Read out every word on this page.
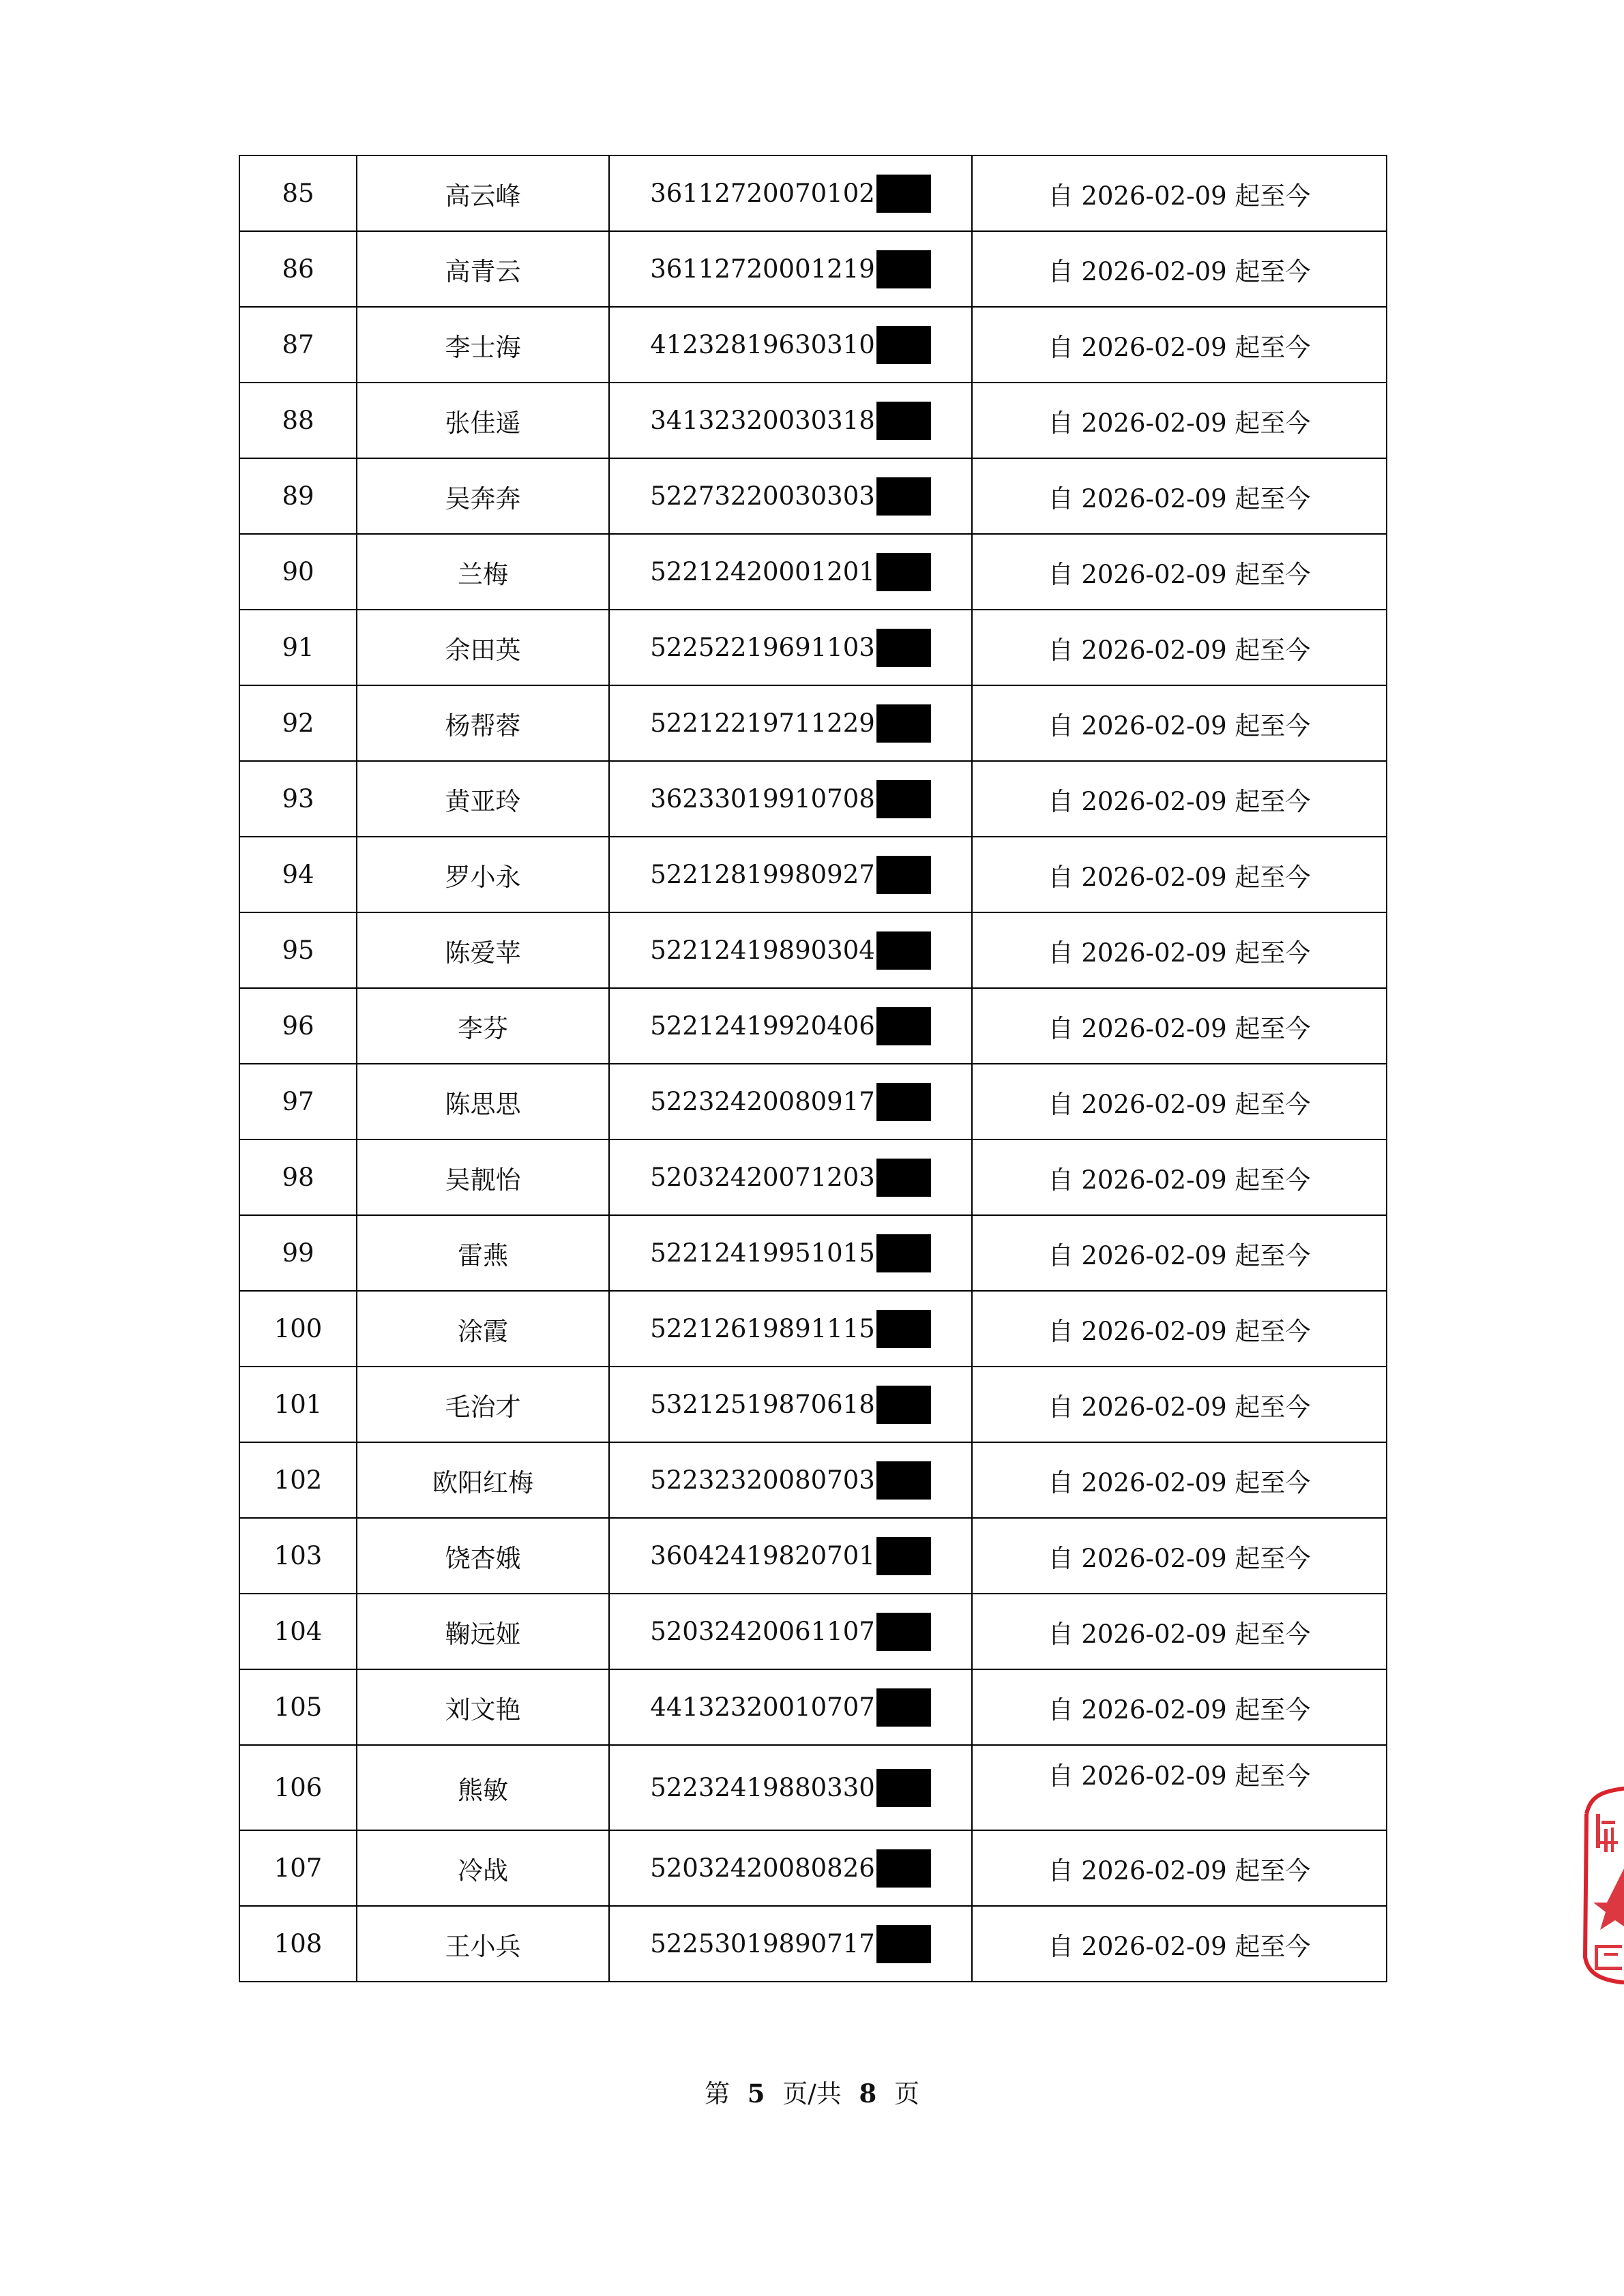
85	高云峰	36112720070102	自 2026-02-09 起至今
86	高青云	36112720001219	自 2026-02-09 起至今
87	李士海	41232819630310	自 2026-02-09 起至今
88	张佳遥	34132320030318	自 2026-02-09 起至今
89	吴奔奔	52273220030303	自 2026-02-09 起至今
90	兰梅	52212420001201	自 2026-02-09 起至今
91	余田英	52252219691103	自 2026-02-09 起至今
92	杨帮蓉	52212219711229	自 2026-02-09 起至今
93	黄亚玲	36233019910708	自 2026-02-09 起至今
94	罗小永	52212819980927	自 2026-02-09 起至今
95	陈爱苹	52212419890304	自 2026-02-09 起至今
96	李芬	52212419920406	自 2026-02-09 起至今
97	陈思思	52232420080917	自 2026-02-09 起至今
98	吴靓怡	52032420071203	自 2026-02-09 起至今
99	雷燕	52212419951015	自 2026-02-09 起至今
100	涂霞	52212619891115	自 2026-02-09 起至今
101	毛治才	53212519870618	自 2026-02-09 起至今
102	欧阳红梅	52232320080703	自 2026-02-09 起至今
103	饶杏娥	36042419820701	自 2026-02-09 起至今
104	鞠远娅	52032420061107	自 2026-02-09 起至今
105	刘文艳	44132320010707	自 2026-02-09 起至今
106	熊敏	52232419880330	自 2026-02-09 起至今
107	冷战	52032420080826	自 2026-02-09 起至今
108	王小兵	52253019890717	自 2026-02-09 起至今
第 5 页/共 8 页
